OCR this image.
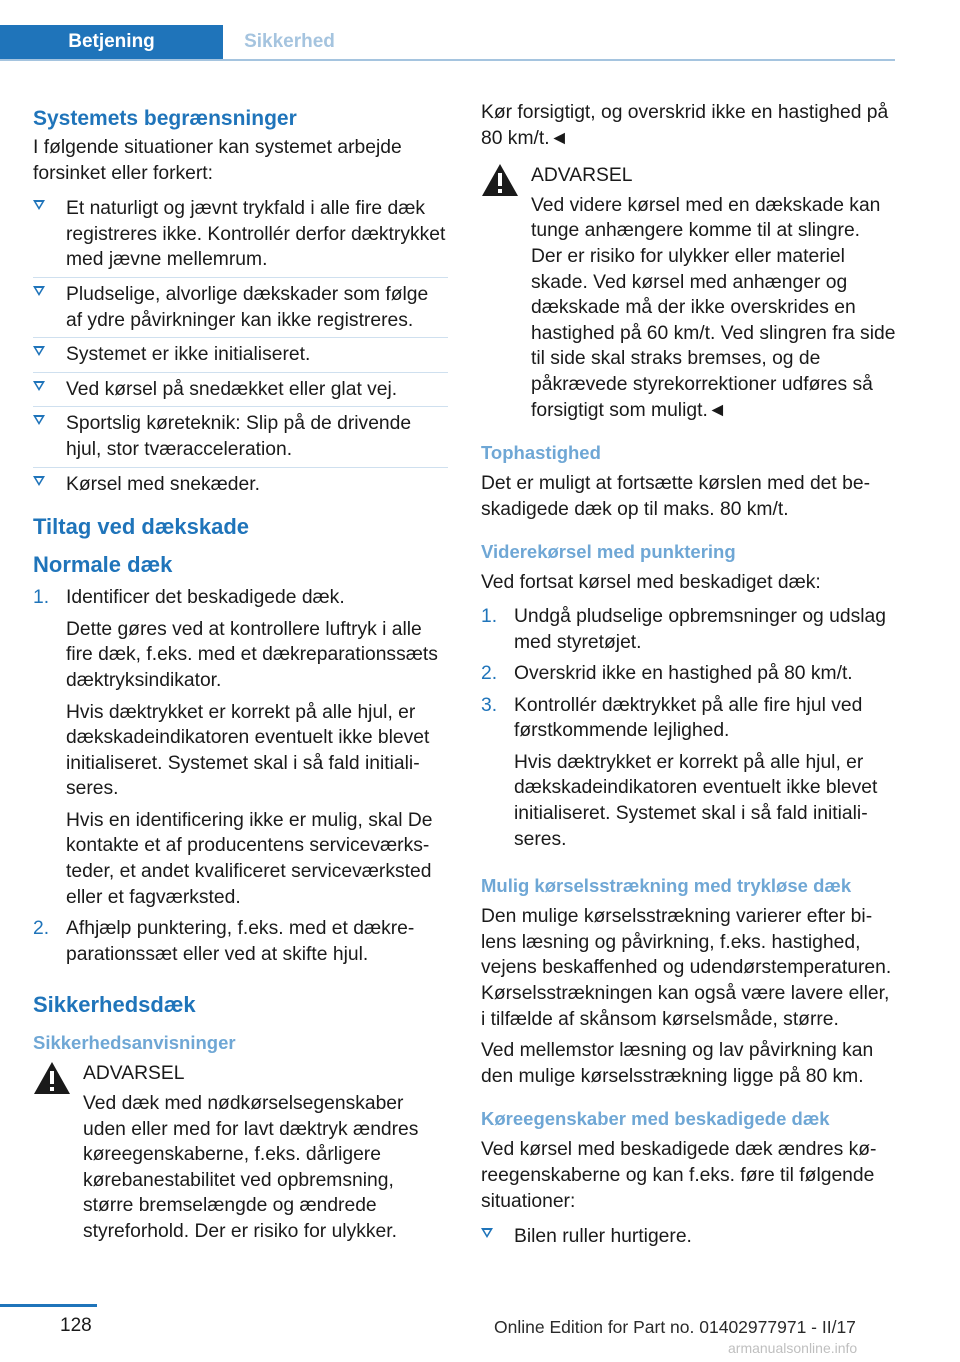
Betjening	Sikkerhed
Systemets begrænsninger

I følgende situationer kan systemet arbejde forsinket eller forkert:

Et naturligt og jævnt trykfald i alle fire dæk registreres ikke. Kontrollér derfor dæktrykket med jævne mellemrum.
Pludselige, alvorlige dækskader som følge af ydre påvirkninger kan ikke registreres.
Systemet er ikke initialiseret.
Ved kørsel på snedækket eller glat vej.
Sportslig køreteknik: Slip på de drivende hjul, stor tværacceleration.
Kørsel med snekæder.
Tiltag ved dækskade
Normale dæk
1. Identificer det beskadigede dæk.
Dette gøres ved at kontrollere luftryk i alle fire dæk, f.eks. med et dækreparationssæts dæktryksindikator.
Hvis dæktrykket er korrekt på alle hjul, er dækskadeindikatoren eventuelt ikke blevet initialiseret. Systemet skal i så fald initialiseres.
Hvis en identificering ikke er mulig, skal De kontakte et af producentens serviceværksteder, et andet kvalificeret serviceværksted eller et fagværksted.
2. Afhjælp punktering, f.eks. med et dækreparationssæt eller ved at skifte hjul.
Sikkerhedsdæk
Sikkerhedsanvisninger

ADVARSEL

Ved dæk med nødkørselsegenskaber uden eller med for lavt dæktryk ændres køreegenskaberne, f.eks. dårligere kørebanestabilitet ved opbremsning, større bremselængde og ændrede styreforhold. Der er risiko for ulykker.

Kør forsigtigt, og overskrid ikke en hastighed på 80 km/t.◄

ADVARSEL

Ved videre kørsel med en dækskade kan tunge anhængere komme til at slingre. Der er risiko for ulykker eller materiel skade. Ved kørsel med anhænger og dækskade må der ikke overskrides en hastighed på 60 km/t. Ved slingren fra side til side skal straks bremses, og de påkrævede styrekorrektioner udføres så forsigtigt som muligt.◄

Tophastighed

Det er muligt at fortsætte kørslen med det beskadigede dæk op til maks. 80 km/t.

Viderekørsel med punktering

Ved fortsat kørsel med beskadiget dæk:

1. Undgå pludselige opbremsninger og udslag med styretøjet.
2. Overskrid ikke en hastighed på 80 km/t.
3. Kontrollér dæktrykket på alle fire hjul ved førstkommende lejlighed.
Hvis dæktrykket er korrekt på alle hjul, er dækskadeindikatoren eventuelt ikke blevet initialiseret. Systemet skal i så fald initialiseres.
Mulig kørselsstrækning med trykløse dæk

Den mulige kørselsstrækning varierer efter bilens læsning og påvirkning, f.eks. hastighed, vejens beskaffenhed og udendørstemperaturen. Kørselsstrækningen kan også være lavere eller, i tilfælde af skånsom kørselsmåde, større.

Ved mellemstor læsning og lav påvirkning kan den mulige kørselsstrækning ligge på 80 km.

Køreegenskaber med beskadigede dæk

Ved kørsel med beskadigede dæk ændres køreegenskaberne og kan f.eks. føre til følgende situationer:

Bilen ruller hurtigere.
128	Online Edition for Part no. 01402977971 - II/17
armanualsonline.info
